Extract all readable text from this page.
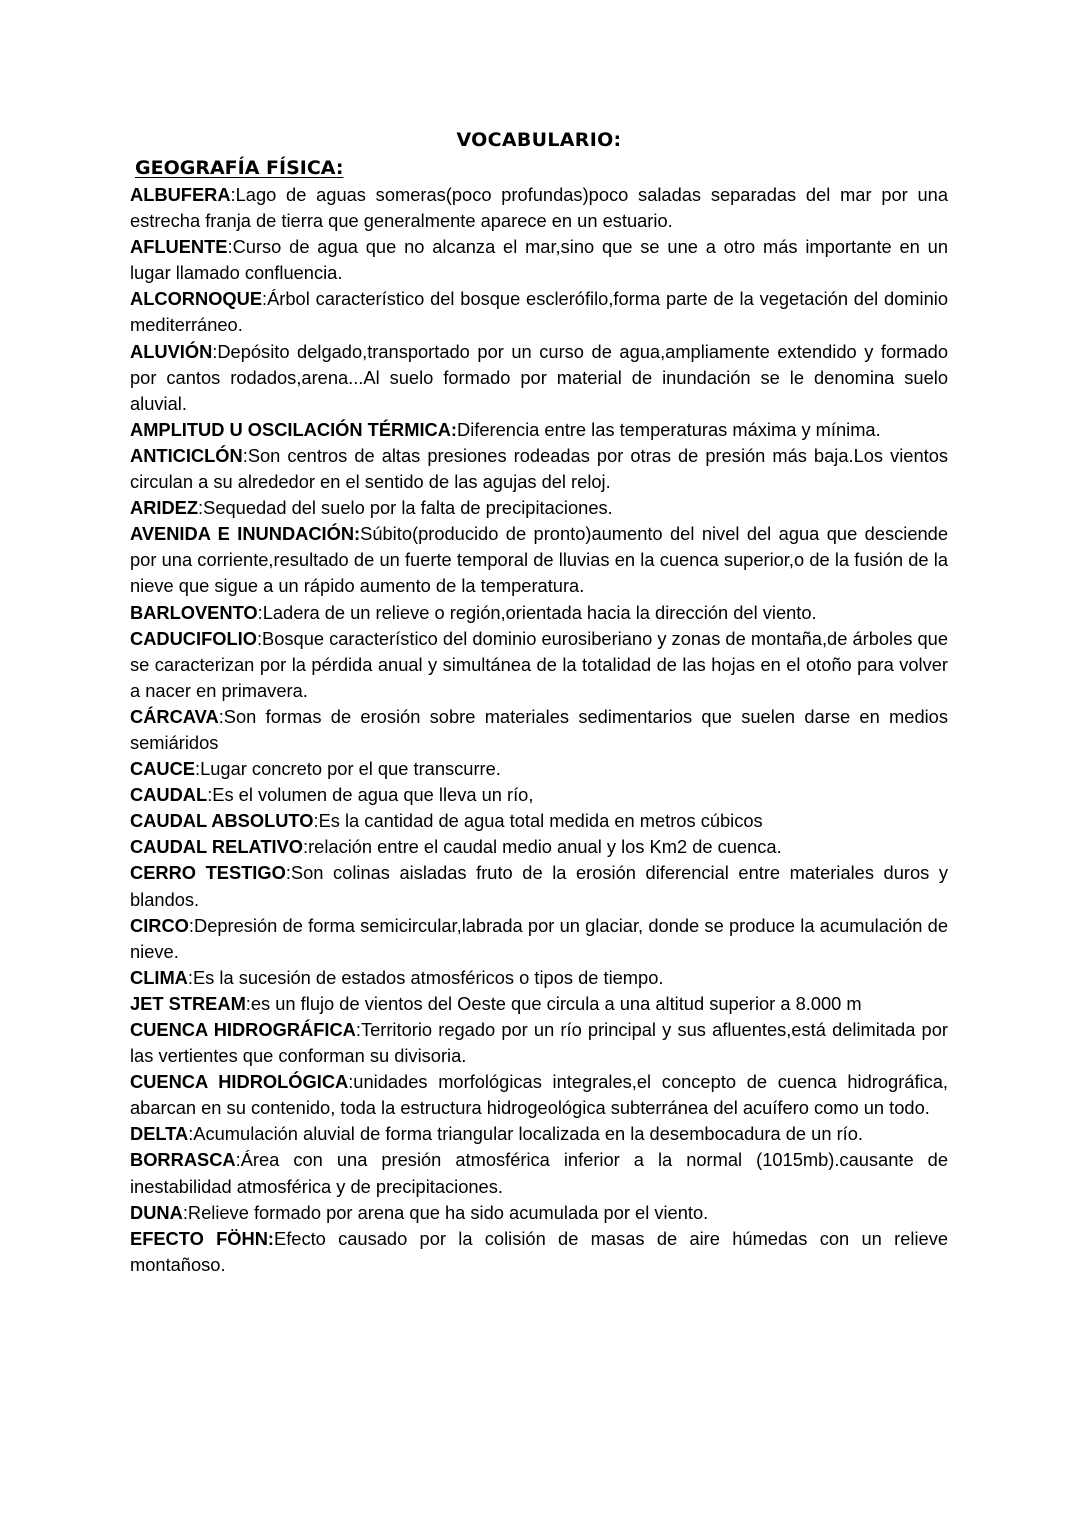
VOCABULARIO:
GEOGRAFÍA FÍSICA:
ALBUFERA:Lago de aguas someras(poco profundas)poco saladas separadas del mar por una estrecha franja de tierra que generalmente aparece en un estuario.
AFLUENTE:Curso de agua que no alcanza el mar,sino que se une a otro más importante en un lugar llamado confluencia.
ALCORNOQUE:Árbol característico del bosque esclerófilo,forma parte de la vegetación del dominio mediterráneo.
ALUVIÓN:Depósito delgado,transportado por un curso de agua,ampliamente extendido y formado por cantos rodados,arena...Al suelo formado por material de inundación se le denomina suelo aluvial.
AMPLITUD U OSCILACIÓN TÉRMICA:Diferencia entre las temperaturas máxima y mínima.
ANTICICLÓN:Son centros de altas presiones rodeadas por otras de presión más baja.Los vientos circulan a su alrededor en el sentido de las agujas del reloj.
ARIDEZ:Sequedad del suelo por la falta de precipitaciones.
AVENIDA E INUNDACIÓN:Súbito(producido de pronto)aumento del nivel del agua que desciende por una corriente,resultado de un fuerte temporal de lluvias en la cuenca superior,o de la fusión de la nieve que sigue a un rápido aumento de la temperatura.
BARLOVENTO:Ladera de un relieve o región,orientada hacia la dirección del viento.
CADUCIFOLIO:Bosque característico del dominio eurosiberiano y zonas de montaña,de árboles que se caracterizan por la pérdida anual y simultánea de la totalidad de las hojas en el otoño para volver a nacer en primavera.
CÁRCAVA:Son formas de erosión sobre materiales sedimentarios que suelen darse en medios semiáridos
CAUCE:Lugar concreto por el que transcurre.
CAUDAL:Es el volumen de agua que lleva un río,
CAUDAL ABSOLUTO:Es la cantidad de agua total medida en metros cúbicos
CAUDAL RELATIVO:relación entre el caudal medio anual y los Km2 de cuenca.
CERRO TESTIGO:Son colinas aisladas fruto de la erosión diferencial entre materiales duros y blandos.
CIRCO:Depresión de forma semicircular,labrada por un glaciar, donde se produce la acumulación de nieve.
CLIMA:Es la sucesión de estados atmosféricos o tipos de tiempo.
JET STREAM:es un flujo de vientos del Oeste que circula a una altitud superior a 8.000 m
CUENCA HIDROGRÁFICA:Territorio regado por un río principal y sus afluentes,está delimitada por las vertientes que conforman su divisoria.
CUENCA HIDROLÓGICA:unidades morfológicas integrales,el concepto de cuenca hidrográfica, abarcan en su contenido, toda la estructura hidrogeológica subterránea del acuífero como un todo.
DELTA:Acumulación aluvial de forma triangular localizada en la desembocadura de un río.
BORRASCA:Área con una presión atmosférica inferior a la normal (1015mb).causante de inestabilidad atmosférica y de precipitaciones.
DUNA:Relieve formado por arena que ha sido acumulada por el viento.
EFECTO FÖHN:Efecto causado por la colisión de masas de aire húmedas con un relieve montañoso.
